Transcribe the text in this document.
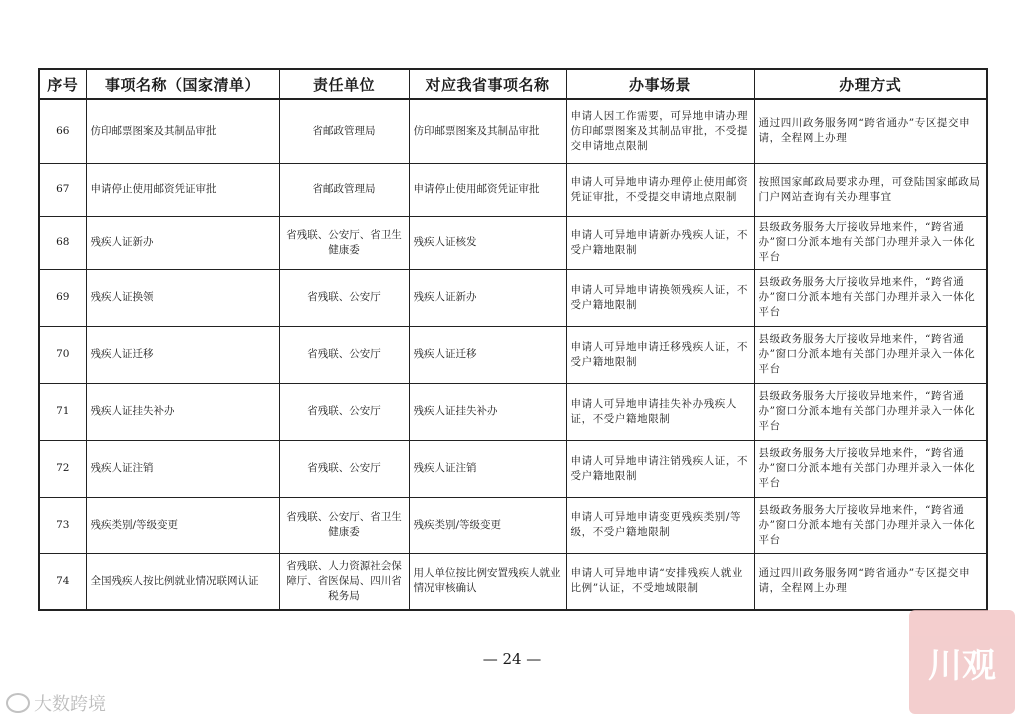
序号	事项名称（国家清单）	责任单位	对应我省事项名称	办事场景	办理方式
66	仿印邮票图案及其制品审批	省邮政管理局	仿印邮票图案及其制品审批	申请人因工作需要，可异地申请办理仿印邮票图案及其制品审批，不受提交申请地点限制	通过四川政务服务网“跨省通办”专区提交申请，全程网上办理
67	申请停止使用邮资凭证审批	省邮政管理局	申请停止使用邮资凭证审批	申请人可异地申请办理停止使用邮资凭证审批，不受提交申请地点限制	按照国家邮政局要求办理，可登陆国家邮政局门户网站查询有关办理事宜
68	残疾人证新办	省残联、公安厅、省卫生健康委	残疾人证核发	申请人可异地申请新办残疾人证，不受户籍地限制	县级政务服务大厅接收异地来件，“跨省通办”窗口分派本地有关部门办理并录入一体化平台
69	残疾人证换领	省残联、公安厅	残疾人证新办	申请人可异地申请换领残疾人证，不受户籍地限制	县级政务服务大厅接收异地来件，“跨省通办”窗口分派本地有关部门办理并录入一体化平台
70	残疾人证迁移	省残联、公安厅	残疾人证迁移	申请人可异地申请迁移残疾人证，不受户籍地限制	县级政务服务大厅接收异地来件，“跨省通办”窗口分派本地有关部门办理并录入一体化平台
71	残疾人证挂失补办	省残联、公安厅	残疾人证挂失补办	申请人可异地申请挂失补办残疾人证，不受户籍地限制	县级政务服务大厅接收异地来件，“跨省通办”窗口分派本地有关部门办理并录入一体化平台
72	残疾人证注销	省残联、公安厅	残疾人证注销	申请人可异地申请注销残疾人证，不受户籍地限制	县级政务服务大厅接收异地来件，“跨省通办”窗口分派本地有关部门办理并录入一体化平台
73	残疾类别/等级变更	省残联、公安厅、省卫生健康委	残疾类别/等级变更	申请人可异地申请变更残疾类别/等级，不受户籍地限制	县级政务服务大厅接收异地来件，“跨省通办”窗口分派本地有关部门办理并录入一体化平台
74	全国残疾人按比例就业情况联网认证	省残联、人力资源社会保障厅、省医保局、四川省税务局	用人单位按比例安置残疾人就业情况审核确认	申请人可异地申请“安排残疾人就业比例”认证，不受地域限制	通过四川政务服务网“跨省通办”专区提交申请，全程网上办理
— 24 —
大数跨境
川观
